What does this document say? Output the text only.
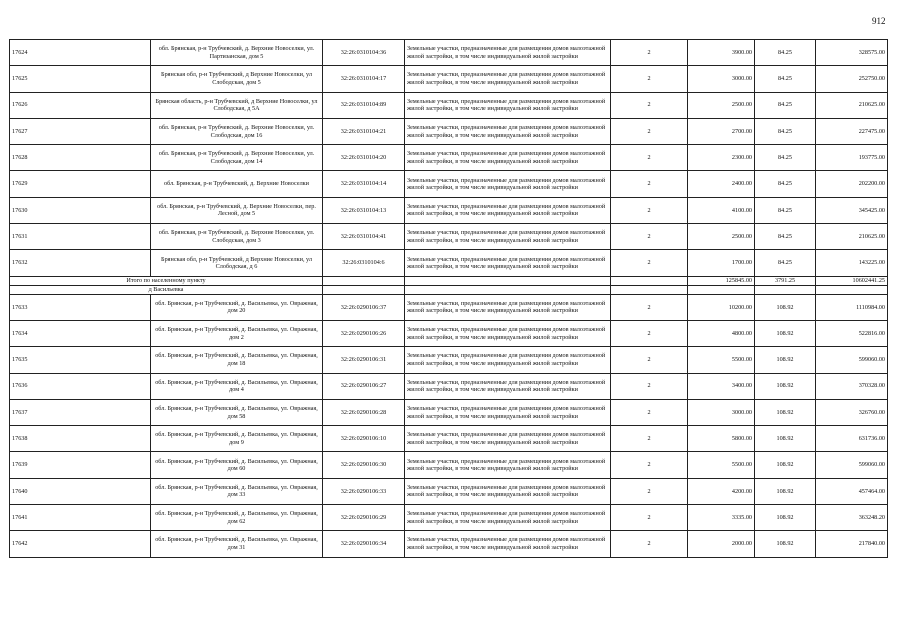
912
17624	обл. Брянская, р-н Трубчевский, д. Верхние Новоселки, ул. Партизанская, дом 5	32:26:0310104:36	Земельные участки, предназначенные для размещения домов малоэтажной жилой застройки, в том числе индивидуальной жилой застройки	2	3900.00	84.25	328575.00
17625	Брянская обл, р-н Трубчевский, д Верхние Новоселки, ул Слободская, дом 5	32:26:0310104:17	Земельные участки, предназначенные для размещения домов малоэтажной жилой застройки, в том числе индивидуальной жилой застройки	2	3000.00	84.25	252750.00
17626	Брянская область, р-н Трубчевский, д Верхние Новоселки, ул Слободская, д 5А	32:26:0310104:89	Земельные участки, предназначенные для размещения домов малоэтажной жилой застройки, в том числе индивидуальной жилой застройки	2	2500.00	84.25	210625.00
17627	обл. Брянская, р-н Трубчевский, д. Верхние Новоселки, ул. Слободская, дом 16	32:26:0310104:21	Земельные участки, предназначенные для размещения домов малоэтажной жилой застройки, в том числе индивидуальной жилой застройки	2	2700.00	84.25	227475.00
17628	обл. Брянская, р-н Трубчевский, д. Верхние Новоселки, ул. Слободская, дом 14	32:26:0310104:20	Земельные участки, предназначенные для размещения домов малоэтажной жилой застройки, в том числе индивидуальной жилой застройки	2	2300.00	84.25	193775.00
17629	обл. Брянская, р-н Трубчевский, д. Верхние Новоселки	32:26:0310104:14	Земельные участки, предназначенные для размещения домов малоэтажной жилой застройки, в том числе индивидуальной жилой застройки	2	2400.00	84.25	202200.00
17630	обл. Брянская, р-н Трубчевский, д. Верхние Новоселки, пер. Лесной, дом 5	32:26:0310104:13	Земельные участки, предназначенные для размещения домов малоэтажной жилой застройки, в том числе индивидуальной жилой застройки	2	4100.00	84.25	345425.00
17631	обл. Брянская, р-н Трубчевский, д. Верхние Новоселки, ул. Слободская, дом 3	32:26:0310104:41	Земельные участки, предназначенные для размещения домов малоэтажной жилой застройки, в том числе индивидуальной жилой застройки	2	2500.00	84.25	210625.00
17632	Брянская обл, р-н Трубчевский, д Верхние Новоселки, ул Слободская, д 6	32:26:0310104:6	Земельные участки, предназначенные для размещения домов малоэтажной жилой застройки, в том числе индивидуальной жилой застройки	2	1700.00	84.25	143225.00
Итого по населенному пункту					125845.00	3791.25	10602441.25
д Васильевка							
17633	обл. Брянская, р-н Трубчевский, д. Васильевка, ул. Овражная, дом 20	32:26:0290106:37	Земельные участки, предназначенные для размещения домов малоэтажной жилой застройки, в том числе индивидуальной жилой застройки	2	10200.00	108.92	1110984.00
17634	обл. Брянская, р-н Трубчевский, д. Васильевка, ул. Овражная, дом 2	32:26:0290106:26	Земельные участки, предназначенные для размещения домов малоэтажной жилой застройки, в том числе индивидуальной жилой застройки	2	4800.00	108.92	522816.00
17635	обл. Брянская, р-н Трубчевский, д. Васильевка, ул. Овражная, дом 18	32:26:0290106:31	Земельные участки, предназначенные для размещения домов малоэтажной жилой застройки, в том числе индивидуальной жилой застройки	2	5500.00	108.92	599060.00
17636	обл. Брянская, р-н Трубчевский, д. Васильевка, ул. Овражная, дом 4	32:26:0290106:27	Земельные участки, предназначенные для размещения домов малоэтажной жилой застройки, в том числе индивидуальной жилой застройки	2	3400.00	108.92	370328.00
17637	обл. Брянская, р-н Трубчевский, д. Васильевка, ул. Овражная, дом 58	32:26:0290106:28	Земельные участки, предназначенные для размещения домов малоэтажной жилой застройки, в том числе индивидуальной жилой застройки	2	3000.00	108.92	326760.00
17638	обл. Брянская, р-н Трубчевский, д. Васильевка, ул. Овражная, дом 9	32:26:0290106:10	Земельные участки, предназначенные для размещения домов малоэтажной жилой застройки, в том числе индивидуальной жилой застройки	2	5800.00	108.92	631736.00
17639	обл. Брянская, р-н Трубчевский, д. Васильевка, ул. Овражная, дом 60	32:26:0290106:30	Земельные участки, предназначенные для размещения домов малоэтажной жилой застройки, в том числе индивидуальной жилой застройки	2	5500.00	108.92	599060.00
17640	обл. Брянская, р-н Трубчевский, д. Васильевка, ул. Овражная, дом 33	32:26:0290106:33	Земельные участки, предназначенные для размещения домов малоэтажной жилой застройки, в том числе индивидуальной жилой застройки	2	4200.00	108.92	457464.00
17641	обл. Брянская, р-н Трубчевский, д. Васильевка, ул. Овражная, дом 62	32:26:0290106:29	Земельные участки, предназначенные для размещения домов малоэтажной жилой застройки, в том числе индивидуальной жилой застройки	2	3335.00	108.92	363248.20
17642	обл. Брянская, р-н Трубчевский, д. Васильевка, ул. Овражная, дом 31	32:26:0290106:34	Земельные участки, предназначенные для размещения домов малоэтажной жилой застройки, в том числе индивидуальной жилой застройки	2	2000.00	108.92	217840.00
